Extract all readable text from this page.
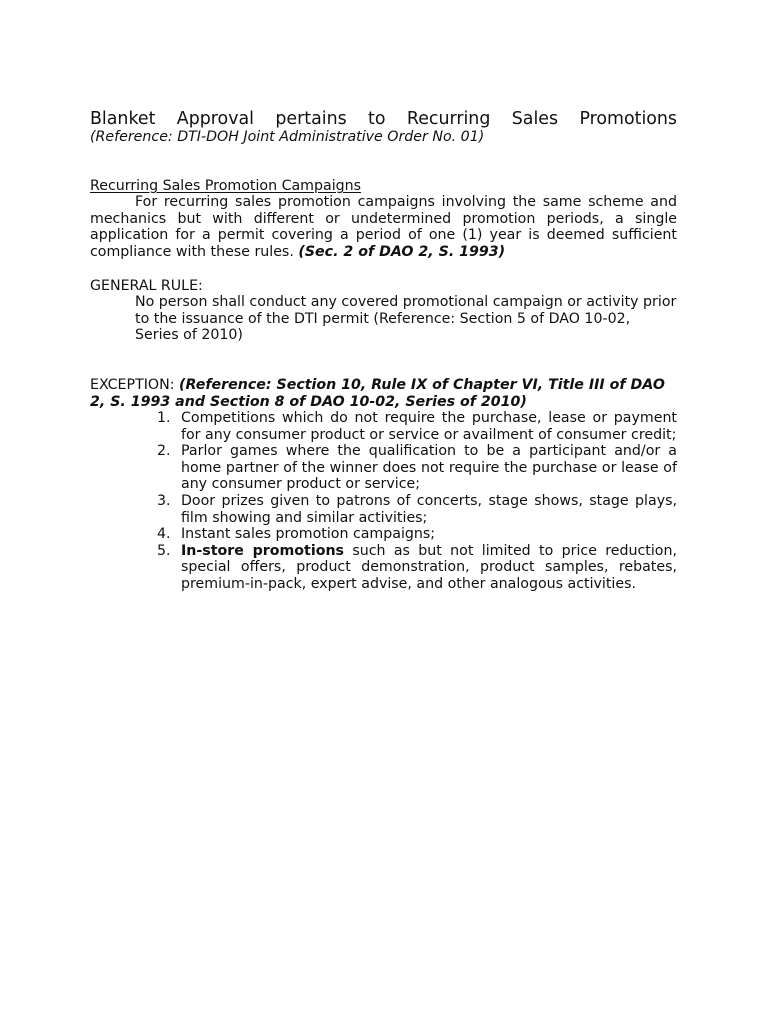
Blanket Approval pertains to Recurring Sales Promotions
(Reference: DTI-DOH Joint Administrative Order No. 01)
Recurring Sales Promotion Campaigns
For recurring sales promotion campaigns involving the same scheme and mechanics but with different or undetermined promotion periods, a single application for a permit covering a period of one (1) year is deemed sufficient compliance with these rules. (Sec. 2 of DAO 2, S. 1993)
GENERAL RULE:
No person shall conduct any covered promotional campaign or activity prior to the issuance of the DTI permit (Reference: Section 5 of DAO 10-02, Series of 2010)
EXCEPTION: (Reference: Section 10, Rule IX of Chapter VI, Title III of DAO 2, S. 1993 and Section 8 of DAO 10-02, Series of 2010)
1. Competitions which do not require the purchase, lease or payment for any consumer product or service or availment of consumer credit;
2. Parlor games where the qualification to be a participant and/or a home partner of the winner does not require the purchase or lease of any consumer product or service;
3. Door prizes given to patrons of concerts, stage shows, stage plays, film showing and similar activities;
4. Instant sales promotion campaigns;
5. In-store promotions such as but not limited to price reduction, special offers, product demonstration, product samples, rebates, premium-in-pack, expert advise, and other analogous activities.
